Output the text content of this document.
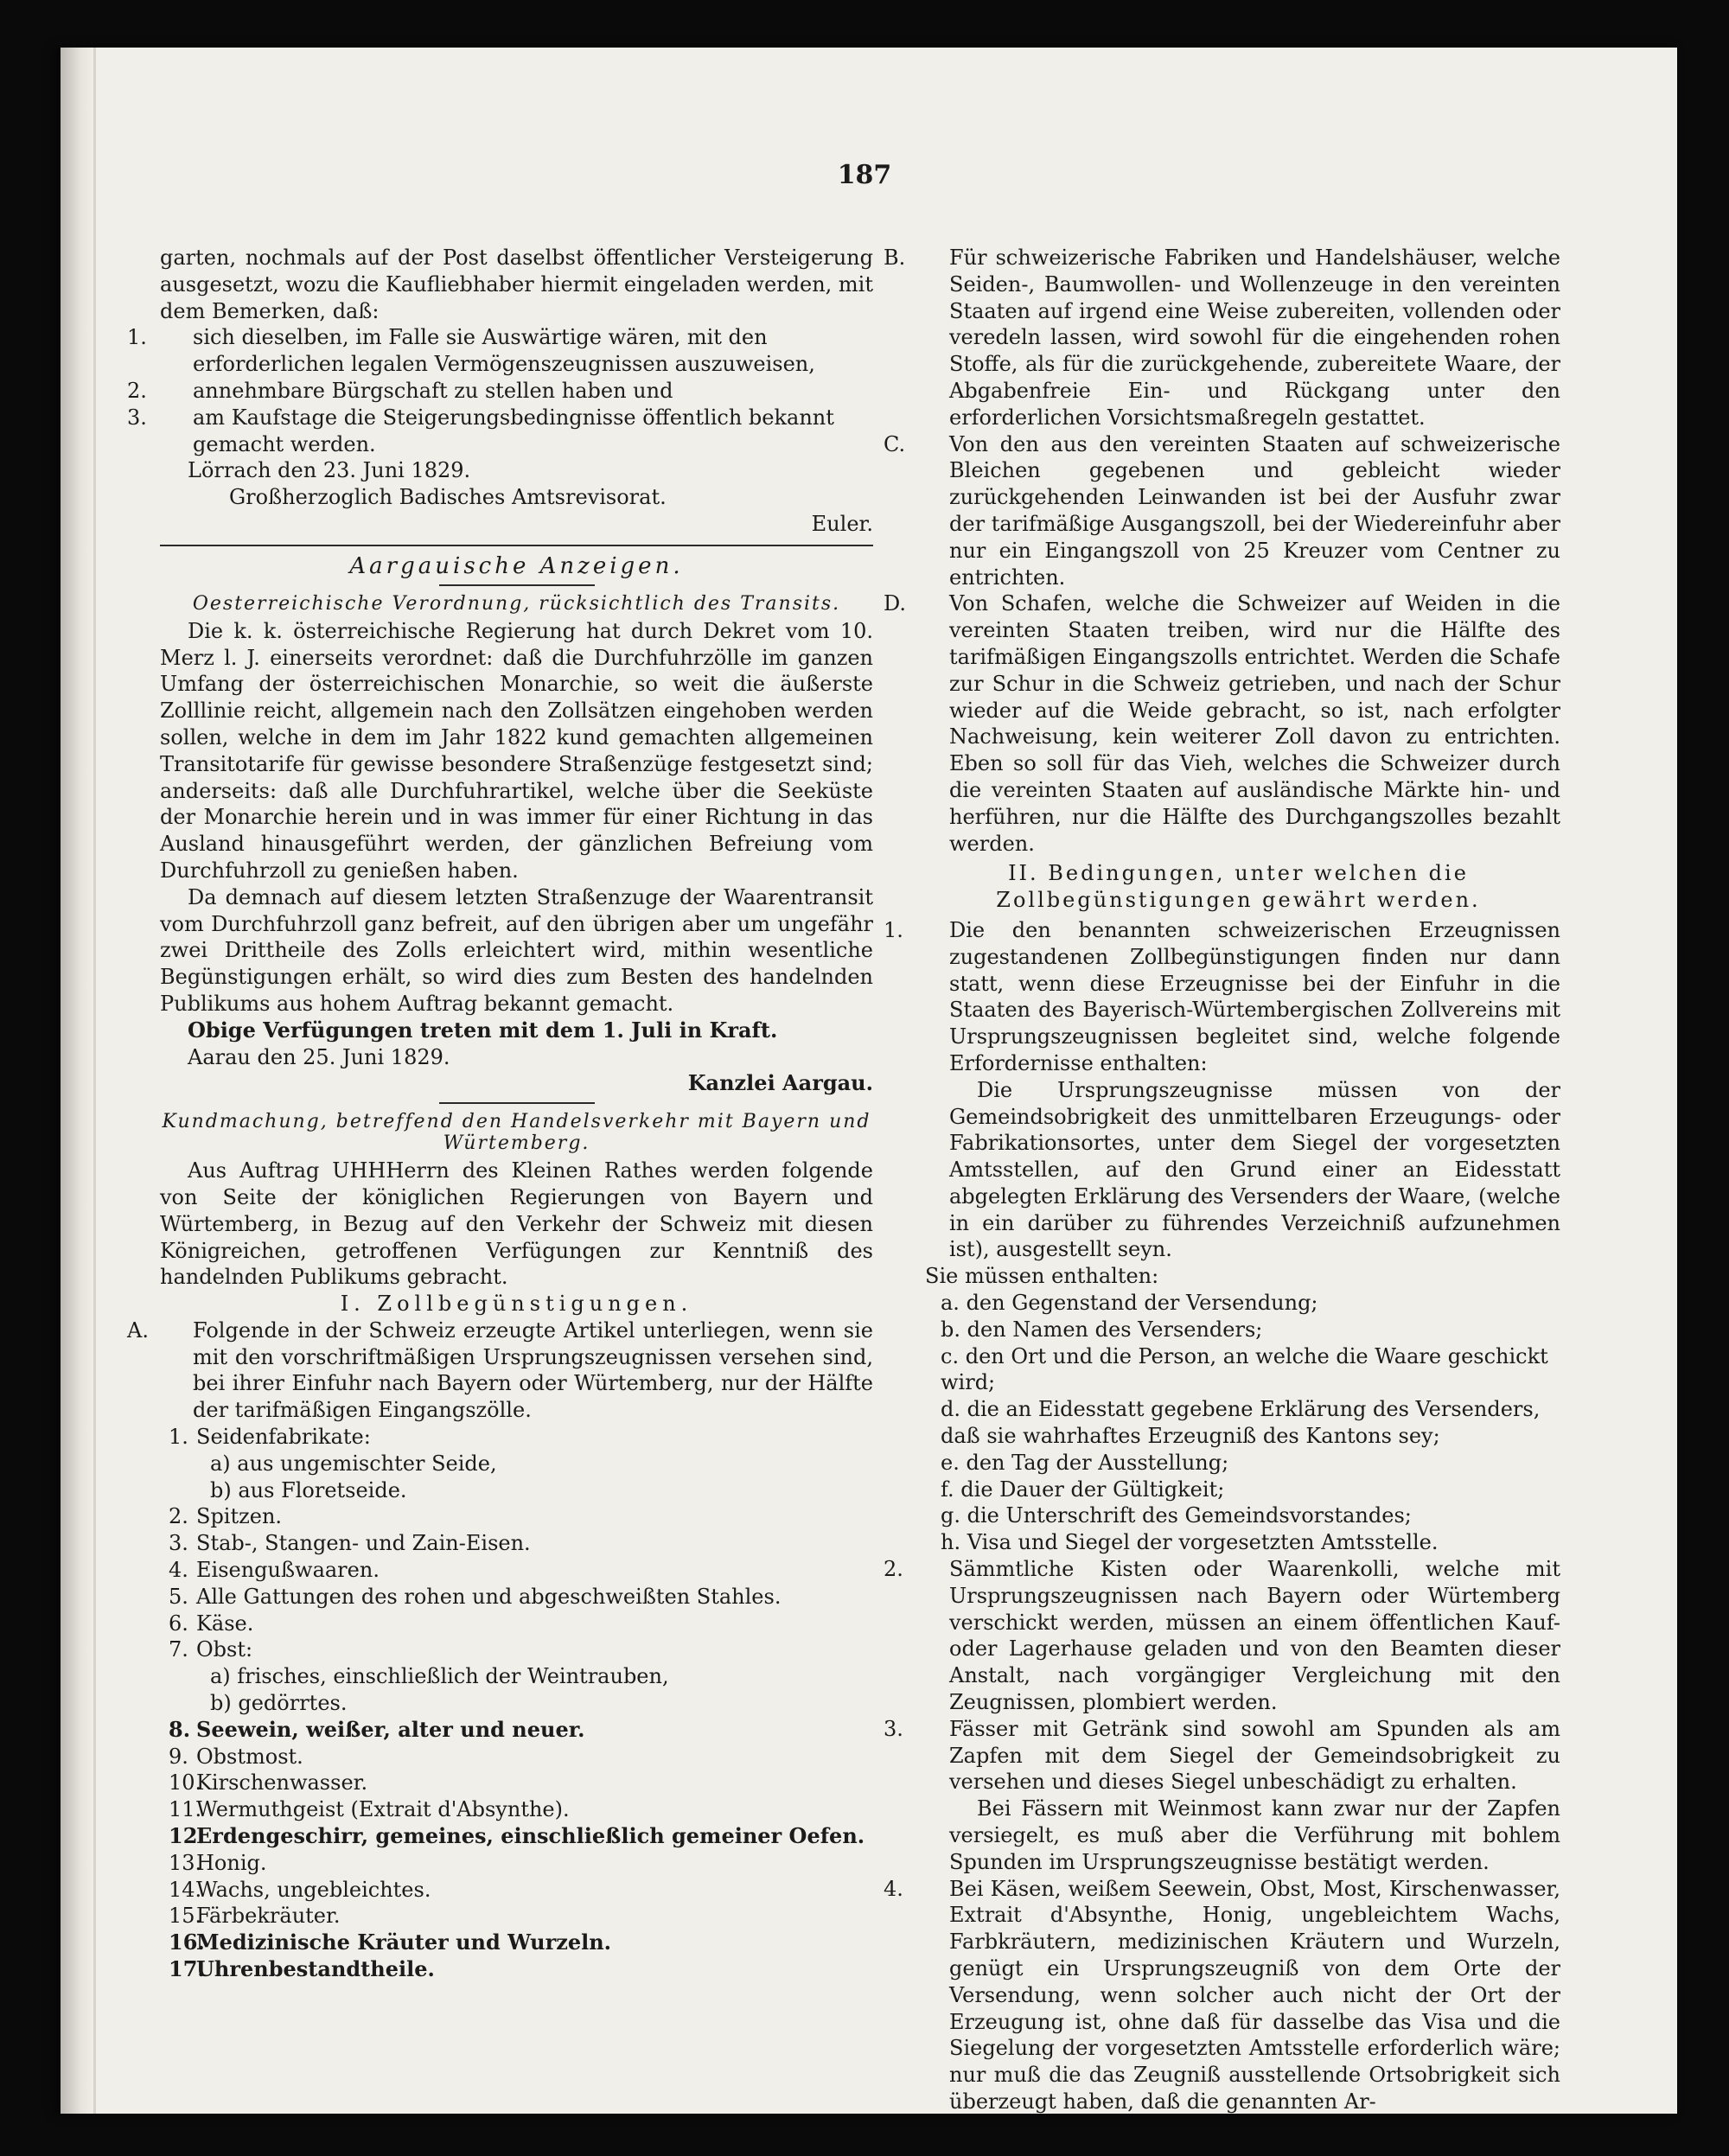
187

garten, nochmals auf der Post daselbst öffentlicher Versteigerung ausgesetzt, wozu die Kaufliebhaber hiermit eingeladen werden, mit dem Bemerken, daß:

1. sich dieselben, im Falle sie Auswärtige wären, mit den erforderlichen legalen Vermögenszeugnissen auszuweisen,
2. annehmbare Bürgschaft zu stellen haben und
3. am Kaufstage die Steigerungsbedingnisse öffentlich bekannt gemacht werden.

Lörrach den 23. Juni 1829.

Großherzoglich Badisches Amtsrevisorat.

Euler.

Aargauische Anzeigen.

Oesterreichische Verordnung, rücksichtlich des Transits.

Die k. k. österreichische Regierung hat durch Dekret vom 10. Merz l. J. einerseits verordnet: daß die Durchfuhrzölle im ganzen Umfang der österreichischen Monarchie, so weit die äußerste Zolllinie reicht, allgemein nach den Zollsätzen eingehoben werden sollen, welche in dem im Jahr 1822 kund gemachten allgemeinen Transitotarife für gewisse besondere Straßenzüge festgesetzt sind; anderseits: daß alle Durchfuhrartikel, welche über die Seeküste der Monarchie herein und in was immer für einer Richtung in das Ausland hinausgeführt werden, der gänzlichen Befreiung vom Durchfuhrzoll zu genießen haben.

Da demnach auf diesem letzten Straßenzuge der Waarentransit vom Durchfuhrzoll ganz befreit, auf den übrigen aber um ungefähr zwei Drittheile des Zolls erleichtert wird, mithin wesentliche Begünstigungen erhält, so wird dies zum Besten des handelnden Publikums aus hohem Auftrag bekannt gemacht.

Obige Verfügungen treten mit dem 1. Juli in Kraft.

Aarau den 25. Juni 1829.

Kanzlei Aargau.

Kundmachung, betreffend den Handelsverkehr mit Bayern und Würtemberg.

Aus Auftrag UHHHerrn des Kleinen Rathes werden folgende von Seite der königlichen Regierungen von Bayern und Würtemberg, in Bezug auf den Verkehr der Schweiz mit diesen Königreichen, getroffenen Verfügungen zur Kenntniß des handelnden Publikums gebracht.

I. Zollbegünstigungen.

A. Folgende in der Schweiz erzeugte Artikel unterliegen, wenn sie mit den vorschriftmäßigen Ursprungszeugnissen versehen sind, bei ihrer Einfuhr nach Bayern oder Würtemberg, nur der Hälfte der tarifmäßigen Eingangszölle.

1. Seidenfabrikate:
a) aus ungemischter Seide,
b) aus Floretseide.
2. Spitzen.
3. Stab-, Stangen- und Zain-Eisen.
4. Eisengußwaaren.
5. Alle Gattungen des rohen und abgeschweißten Stahles.
6. Käse.
7. Obst:
a) frisches, einschließlich der Weintrauben,
b) gedörrtes.
8. Seewein, weißer, alter und neuer.
9. Obstmost.
10.Kirschenwasser.
11.Wermuthgeist (Extrait d'Absynthe).
12.Erdengeschirr, gemeines, einschließlich gemeiner Oefen.
13.Honig.
14.Wachs, ungebleichtes.
15.Färbekräuter.
16.Medizinische Kräuter und Wurzeln.
17.Uhrenbestandtheile.

B. Für schweizerische Fabriken und Handelshäuser, welche Seiden-, Baumwollen- und Wollenzeuge in den vereinten Staaten auf irgend eine Weise zubereiten, vollenden oder veredeln lassen, wird sowohl für die eingehenden rohen Stoffe, als für die zurückgehende, zubereitete Waare, der Abgabenfreie Ein- und Rückgang unter den erforderlichen Vorsichtsmaßregeln gestattet.

C. Von den aus den vereinten Staaten auf schweizerische Bleichen gegebenen und gebleicht wieder zurückgehenden Leinwanden ist bei der Ausfuhr zwar der tarifmäßige Ausgangszoll, bei der Wiedereinfuhr aber nur ein Eingangszoll von 25 Kreuzer vom Centner zu entrichten.

D. Von Schafen, welche die Schweizer auf Weiden in die vereinten Staaten treiben, wird nur die Hälfte des tarifmäßigen Eingangszolls entrichtet. Werden die Schafe zur Schur in die Schweiz getrieben, und nach der Schur wieder auf die Weide gebracht, so ist, nach erfolgter Nachweisung, kein weiterer Zoll davon zu entrichten. Eben so soll für das Vieh, welches die Schweizer durch die vereinten Staaten auf ausländische Märkte hin- und herführen, nur die Hälfte des Durchgangszolles bezahlt werden.

II. Bedingungen, unter welchen die Zollbegünstigungen gewährt werden.

1. Die den benannten schweizerischen Erzeugnissen zugestandenen Zollbegünstigungen finden nur dann statt, wenn diese Erzeugnisse bei der Einfuhr in die Staaten des Bayerisch-Würtembergischen Zollvereins mit Ursprungszeugnissen begleitet sind, welche folgende Erfordernisse enthalten:

Die Ursprungszeugnisse müssen von der Gemeindsobrigkeit des unmittelbaren Erzeugungs- oder Fabrikationsortes, unter dem Siegel der vorgesetzten Amtsstellen, auf den Grund einer an Eidesstatt abgelegten Erklärung des Versenders der Waare, (welche in ein darüber zu führendes Verzeichniß aufzunehmen ist), ausgestellt seyn.

Sie müssen enthalten:

a. den Gegenstand der Versendung;
b. den Namen des Versenders;
c. den Ort und die Person, an welche die Waare geschickt wird;
d. die an Eidesstatt gegebene Erklärung des Versenders, daß sie wahrhaftes Erzeugniß des Kantons sey;
e. den Tag der Ausstellung;
f. die Dauer der Gültigkeit;
g. die Unterschrift des Gemeindsvorstandes;
h. Visa und Siegel der vorgesetzten Amtsstelle.

2. Sämmtliche Kisten oder Waarenkolli, welche mit Ursprungszeugnissen nach Bayern oder Würtemberg verschickt werden, müssen an einem öffentlichen Kauf- oder Lagerhause geladen und von den Beamten dieser Anstalt, nach vorgängiger Vergleichung mit den Zeugnissen, plombiert werden.

3. Fässer mit Getränk sind sowohl am Spunden als am Zapfen mit dem Siegel der Gemeindsobrigkeit zu versehen und dieses Siegel unbeschädigt zu erhalten.

Bei Fässern mit Weinmost kann zwar nur der Zapfen versiegelt, es muß aber die Verführung mit bohlem Spunden im Ursprungszeugnisse bestätigt werden.

4. Bei Käsen, weißem Seewein, Obst, Most, Kirschenwasser, Extrait d'Absynthe, Honig, ungebleichtem Wachs, Farbkräutern, medizinischen Kräutern und Wurzeln, genügt ein Ursprungszeugniß von dem Orte der Versendung, wenn solcher auch nicht der Ort der Erzeugung ist, ohne daß für dasselbe das Visa und die Siegelung der vorgesetzten Amtsstelle erforderlich wäre; nur muß die das Zeugniß ausstellende Ortsobrigkeit sich überzeugt haben, daß die genannten Ar-
